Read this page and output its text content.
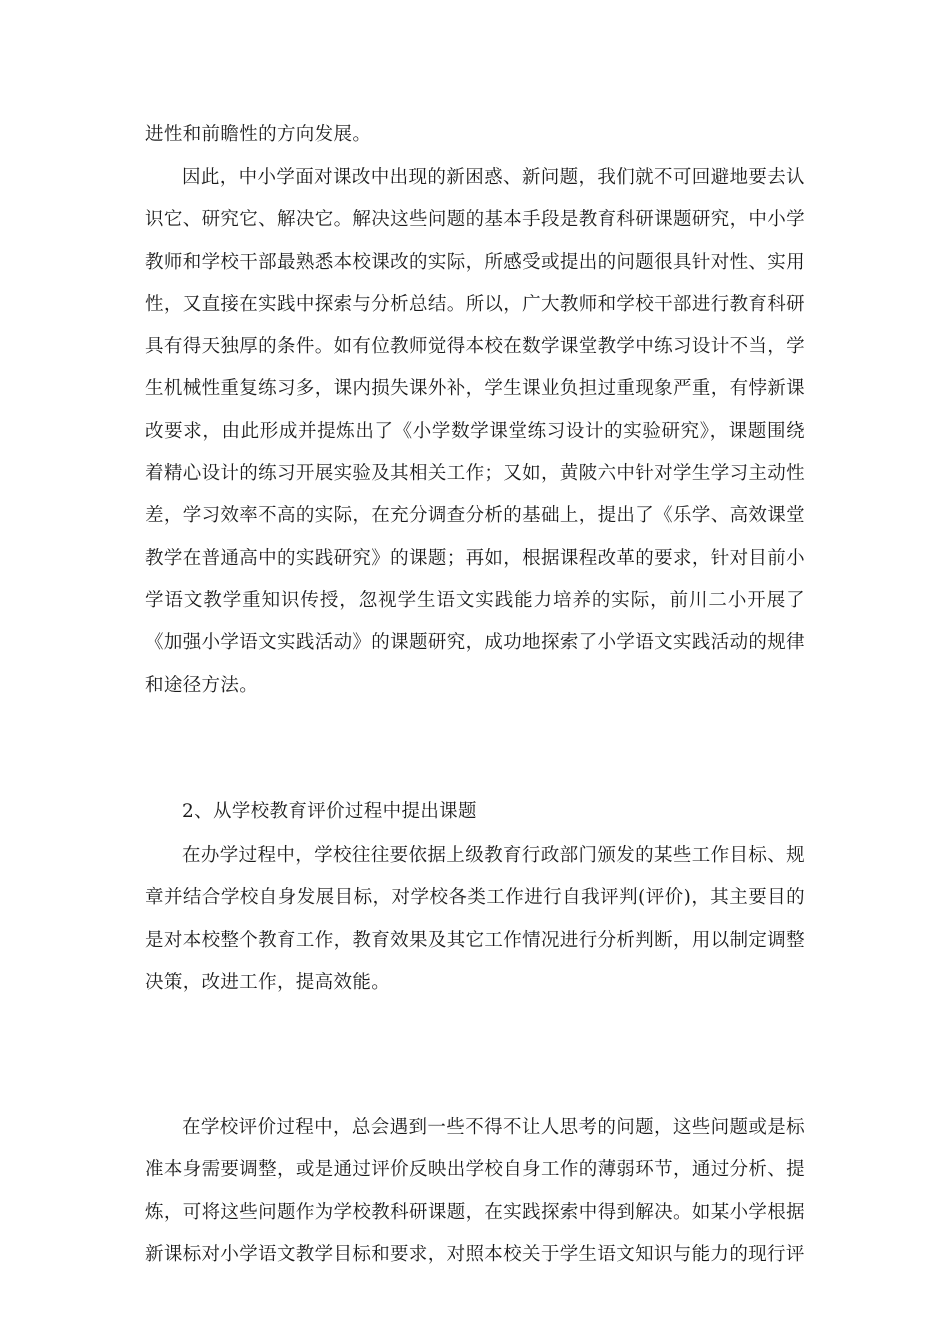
进性和前瞻性的方向发展。

因此，中小学面对课改中出现的新困惑、新问题，我们就不可回避地要去认识它、研究它、解决它。解决这些问题的基本手段是教育科研课题研究，中小学教师和学校干部最熟悉本校课改的实际，所感受或提出的问题很具针对性、实用性，又直接在实践中探索与分析总结。所以，广大教师和学校干部进行教育科研具有得天独厚的条件。如有位教师觉得本校在数学课堂教学中练习设计不当，学生机械性重复练习多，课内损失课外补，学生课业负担过重现象严重，有悖新课改要求，由此形成并提炼出了《小学数学课堂练习设计的实验研究》，课题围绕着精心设计的练习开展实验及其相关工作；又如，黄陂六中针对学生学习主动性差，学习效率不高的实际，在充分调查分析的基础上，提出了《乐学、高效课堂教学在普通高中的实践研究》的课题；再如，根据课程改革的要求，针对目前小学语文教学重知识传授，忽视学生语文实践能力培养的实际，前川二小开展了《加强小学语文实践活动》的课题研究，成功地探索了小学语文实践活动的规律和途径方法。

2、从学校教育评价过程中提出课题

在办学过程中，学校往往要依据上级教育行政部门颁发的某些工作目标、规章并结合学校自身发展目标，对学校各类工作进行自我评判(评价)，其主要目的是对本校整个教育工作，教育效果及其它工作情况进行分析判断，用以制定调整决策，改进工作，提高效能。

在学校评价过程中，总会遇到一些不得不让人思考的问题，这些问题或是标准本身需要调整，或是通过评价反映出学校自身工作的薄弱环节，通过分析、提炼，可将这些问题作为学校教科研课题，在实践探索中得到解决。如某小学根据新课标对小学语文教学目标和要求，对照本校关于学生语文知识与能力的现行评
